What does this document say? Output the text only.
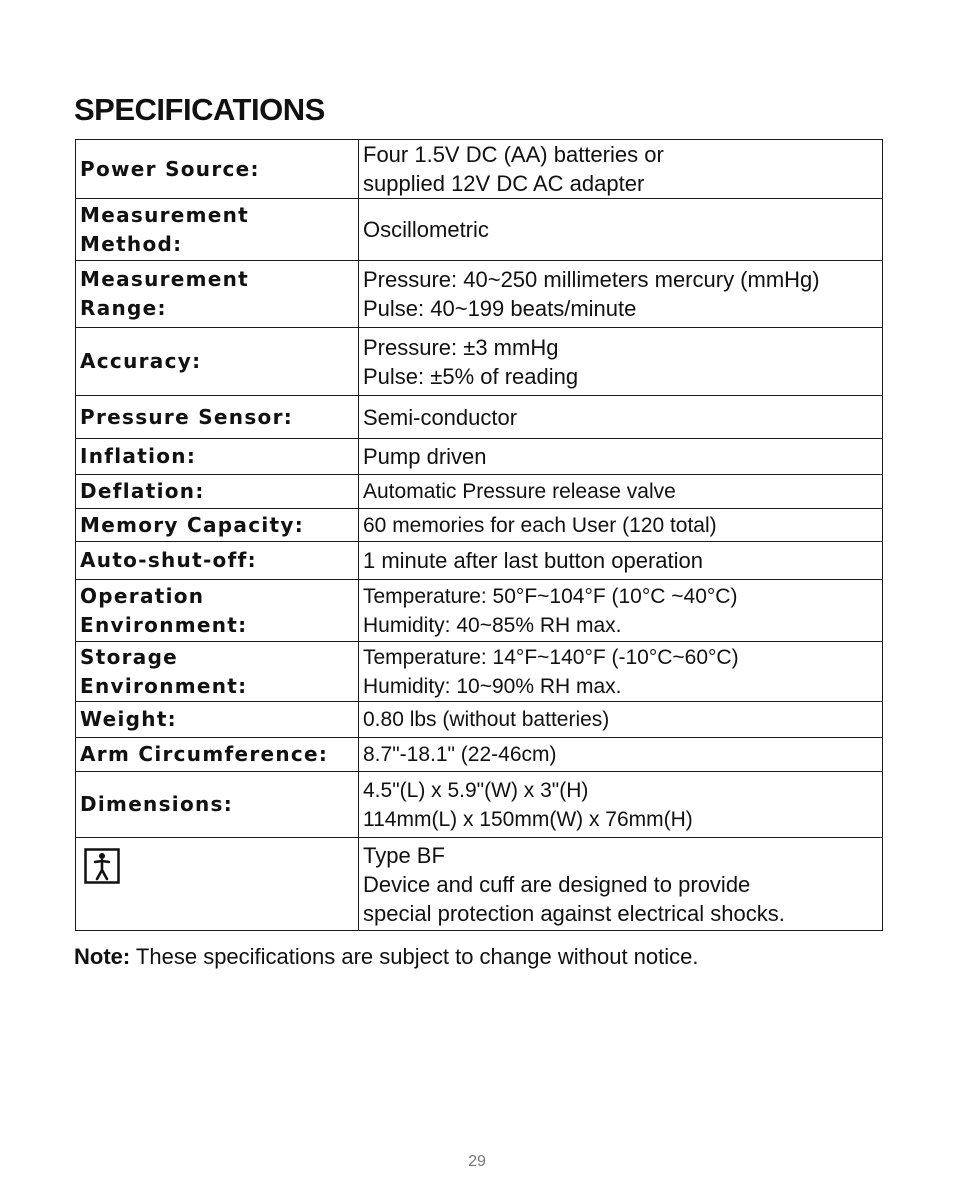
SPECIFICATIONS
Power Source:	Four 1.5V DC (AA) batteries or
supplied 12V DC AC adapter

Measurement
Method:	Oscillometric

Measurement
Range:	Pressure: 40~250 millimeters mercury (mmHg)
Pulse: 40~199 beats/minute

Accuracy:	Pressure: ±3 mmHg
Pulse: ±5% of reading

Pressure Sensor:	Semi-conductor

Inflation:	Pump driven

Deflation:	Automatic Pressure release valve

Memory Capacity:	60 memories for each User (120 total)

Auto-shut-off:	1 minute after last button operation

Operation
Environment:	Temperature: 50°F~104°F (10°C ~40°C)
Humidity: 40~85% RH max.

Storage
Environment:	Temperature: 14°F~140°F (-10°C~60°C)
Humidity: 10~90% RH max.

Weight:	0.80 lbs (without batteries)

Arm Circumference:	8.7"-18.1" (22-46cm)

Dimensions:	4.5"(L) x 5.9"(W) x 3"(H)
114mm(L) x 150mm(W) x 76mm(H)

Type BF
Device and cuff are designed to provide
special protection against electrical shocks.

Note: These specifications are subject to change without notice.

29
